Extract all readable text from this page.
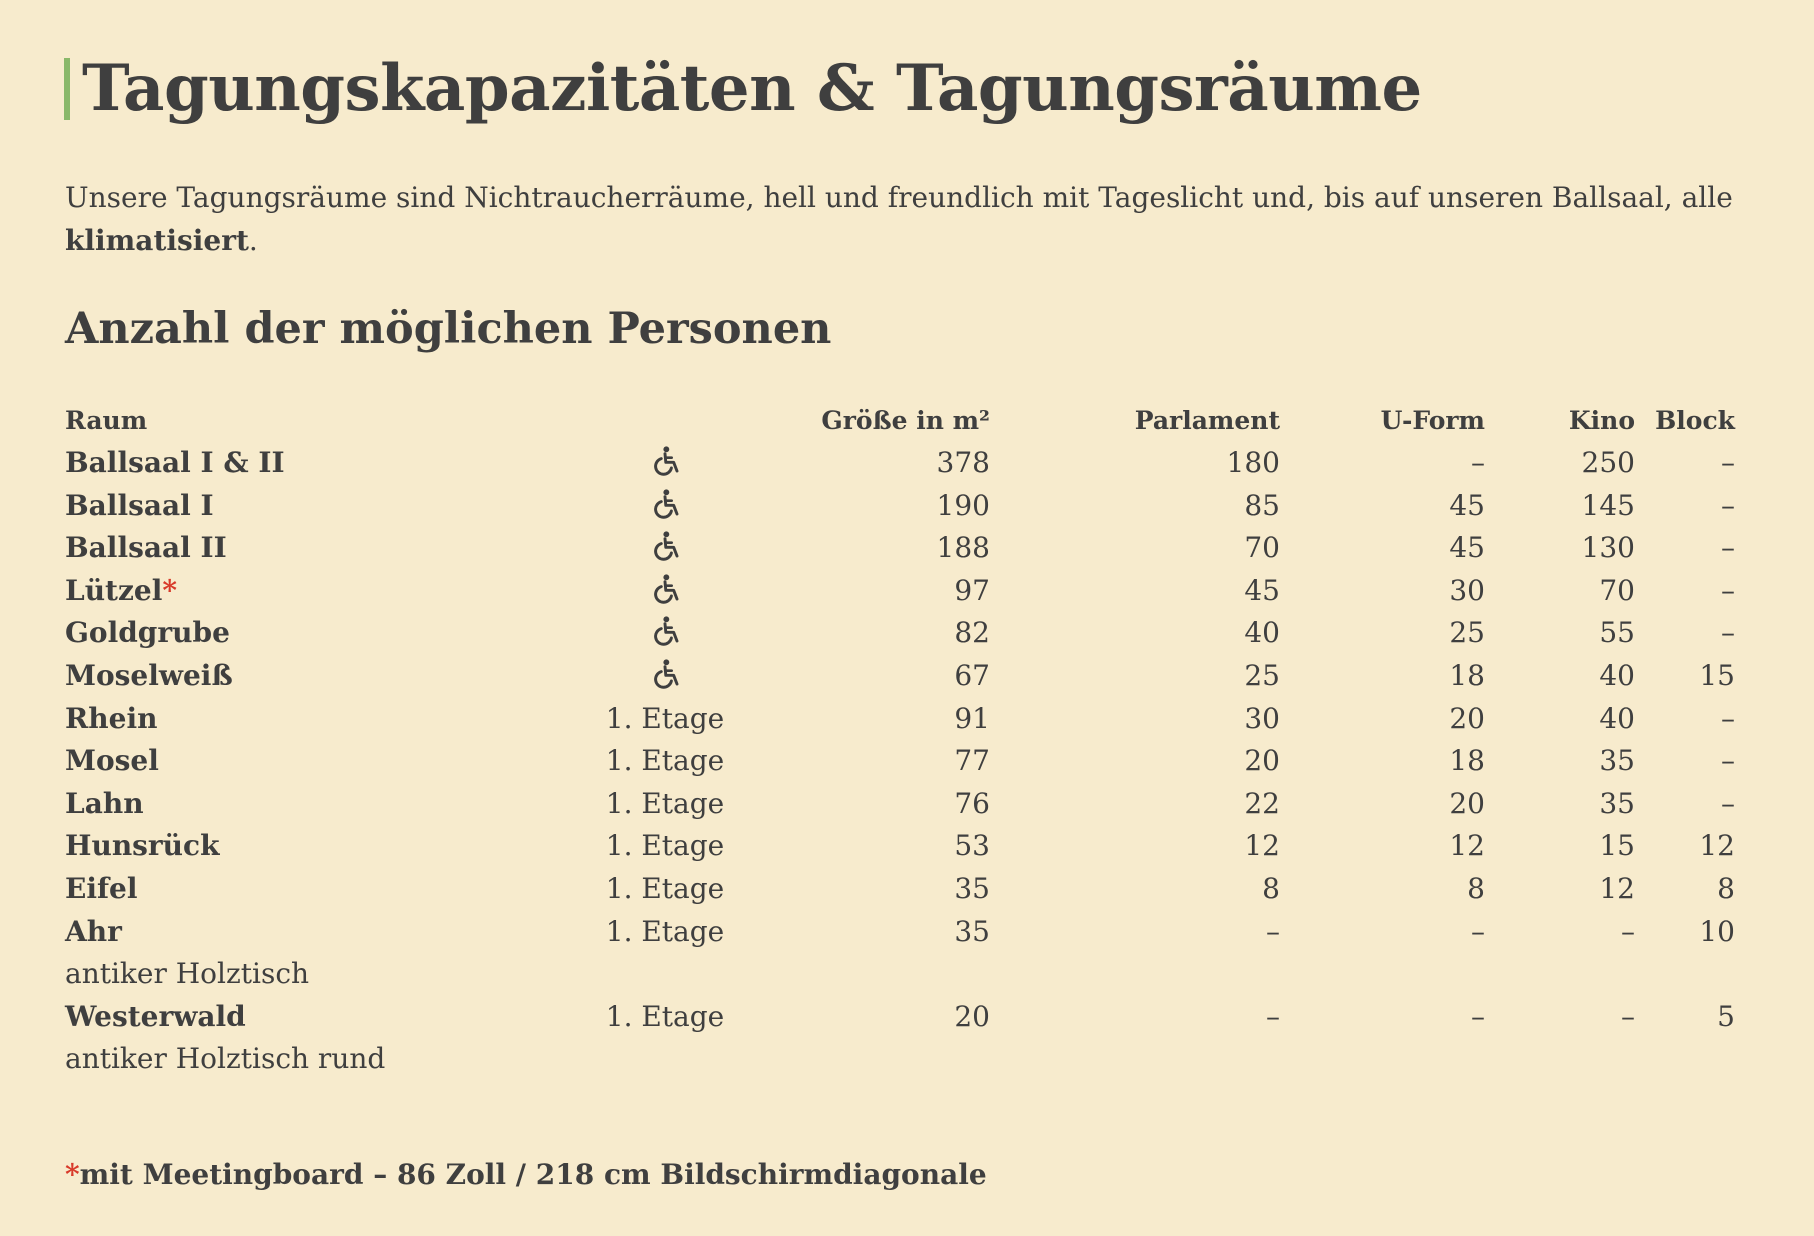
Tagungskapazitäten & Tagungsräume

Unsere Tagungsräume sind Nichtraucherräume, hell und freundlich mit Tageslicht und, bis auf unseren Ballsaal, alle klimatisiert.

Anzahl der möglichen Personen
Raum		Größe in m²	Parlament	U-Form	Kino	Block
Ballsaal I & II		378	180	–	250	–
Ballsaal I		190	85	45	145	–
Ballsaal II		188	70	45	130	–
Lützel*		97	45	30	70	–
Goldgrube		82	40	25	55	–
Moselweiß		67	25	18	40	15
Rhein	1. Etage	91	30	20	40	–
Mosel	1. Etage	77	20	18	35	–
Lahn	1. Etage	76	22	20	35	–
Hunsrück	1. Etage	53	12	12	15	12
Eifel	1. Etage	35	8	8	12	8
Ahr	1. Etage	35	–	–	–	10
antiker Holztisch						
Westerwald	1. Etage	20	–	–	–	5
antiker Holztisch rund						

*mit Meetingboard – 86 Zoll / 218 cm Bildschirmdiagonale
